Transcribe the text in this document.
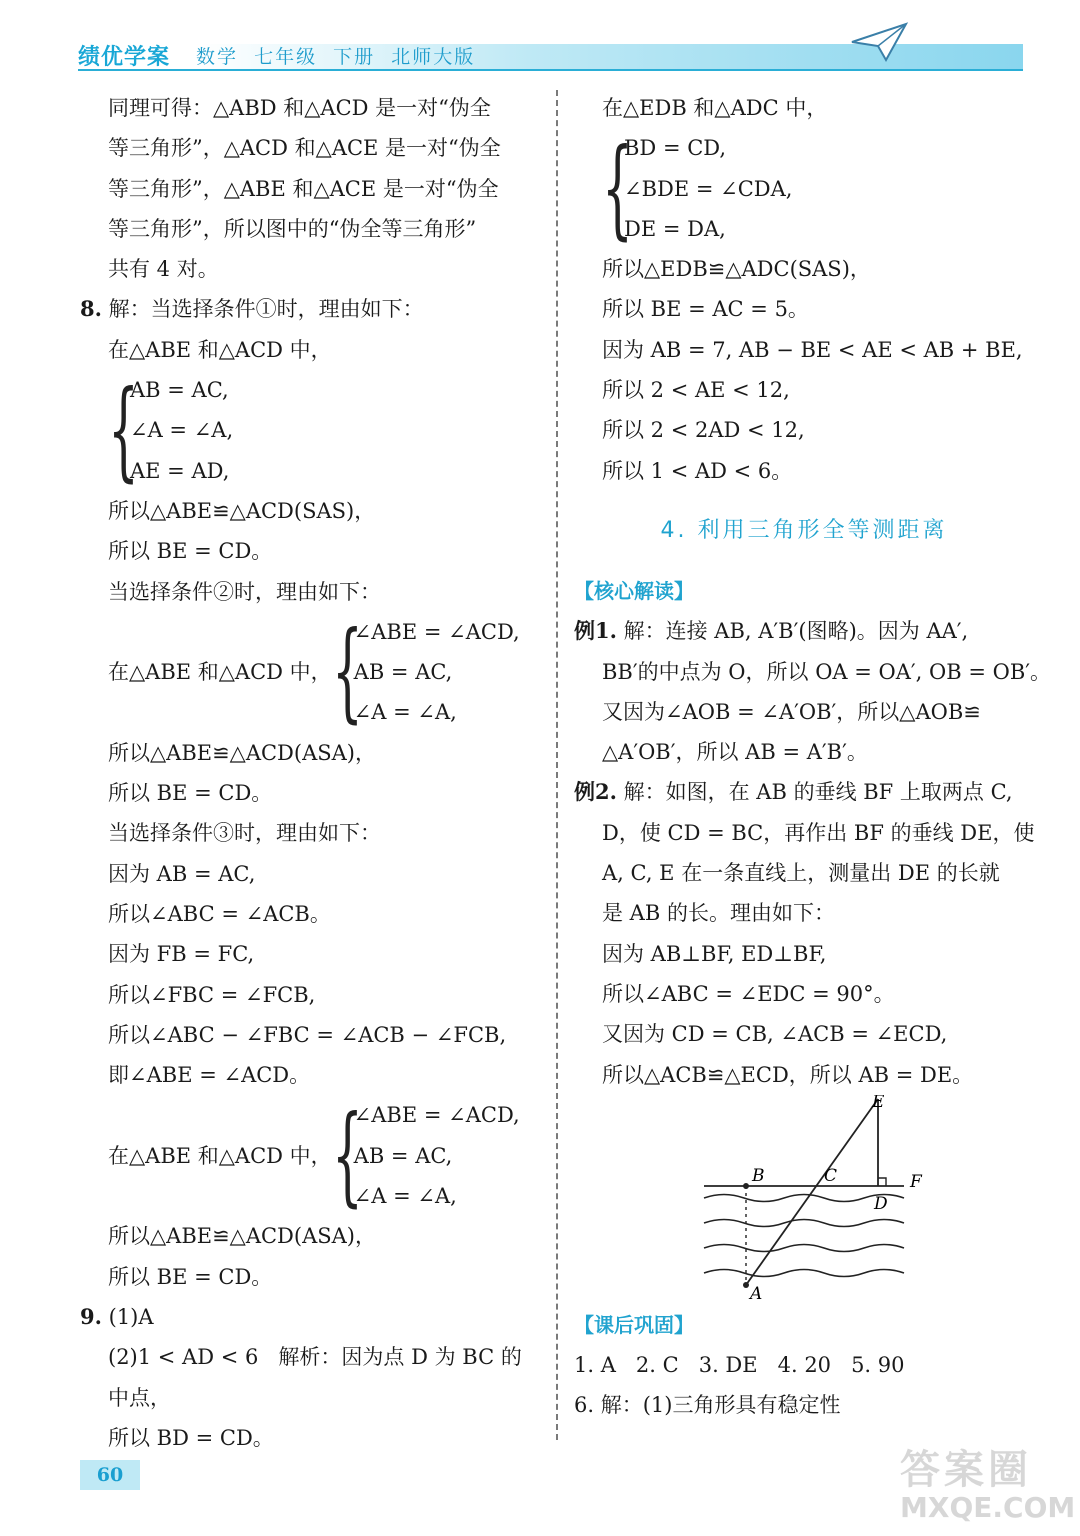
绩优学案 数学  七年级  下册  北师大版
同理可得：△ABD 和△ACD 是一对“伪全
等三角形”，△ACD 和△ACE 是一对“伪全
等三角形”，△ABE 和△ACE 是一对“伪全
等三角形”，所以图中的“伪全等三角形”
共有 4 对。
8. 解：当选择条件①时，理由如下：
在△ABE 和△ACD 中，
{
AB = AC,
∠A = ∠A,
AE = AD,
所以△ABE≌△ACD(SAS)，
所以 BE = CD。
当选择条件②时，理由如下：
在△ABE 和△ACD 中， {
∠ABE = ∠ACD,
AB = AC,
∠A = ∠A,
所以△ABE≌△ACD(ASA)，
所以 BE = CD。
当选择条件③时，理由如下：
因为 AB = AC,
所以∠ABC = ∠ACB。
因为 FB = FC,
所以∠FBC = ∠FCB,
所以∠ABC − ∠FBC = ∠ACB − ∠FCB,
即∠ABE = ∠ACD。
在△ABE 和△ACD 中， {
∠ABE = ∠ACD,
AB = AC,
∠A = ∠A,
所以△ABE≌△ACD(ASA)，
所以 BE = CD。
9. (1)A
(2)1 < AD < 6   解析：因为点 D 为 BC 的
中点，
所以 BD = CD。
在△EDB 和△ADC 中，
{
BD = CD,
∠BDE = ∠CDA,
DE = DA,
所以△EDB≌△ADC(SAS)，
所以 BE = AC = 5。
因为 AB = 7, AB − BE < AE < AB + BE,
所以 2 < AE < 12,
所以 2 < 2AD < 12,
所以 1 < AD < 6。
4. 利用三角形全等测距离
【核心解读】
例1. 解：连接 AB, A′B′(图略)。因为 AA′,
BB′的中点为 O，所以 OA = OA′, OB = OB′。
又因为∠AOB = ∠A′OB′，所以△AOB≌
△A′OB′，所以 AB = A′B′。
例2. 解：如图，在 AB 的垂线 BF 上取两点 C,
D，使 CD = BC，再作出 BF 的垂线 DE，使
A, C, E 在一条直线上，测量出 DE 的长就
是 AB 的长。理由如下：
因为 AB⊥BF, ED⊥BF,
所以∠ABC = ∠EDC = 90°。
又因为 CD = CB, ∠ACB = ∠ECD,
所以△ACB≌△ECD，所以 AB = DE。
E
B	C	F
D
A
【课后巩固】
1. A   2. C   3. DE   4. 20   5. 90
6. 解：(1)三角形具有稳定性
60	答案圈
MXQE.COM
